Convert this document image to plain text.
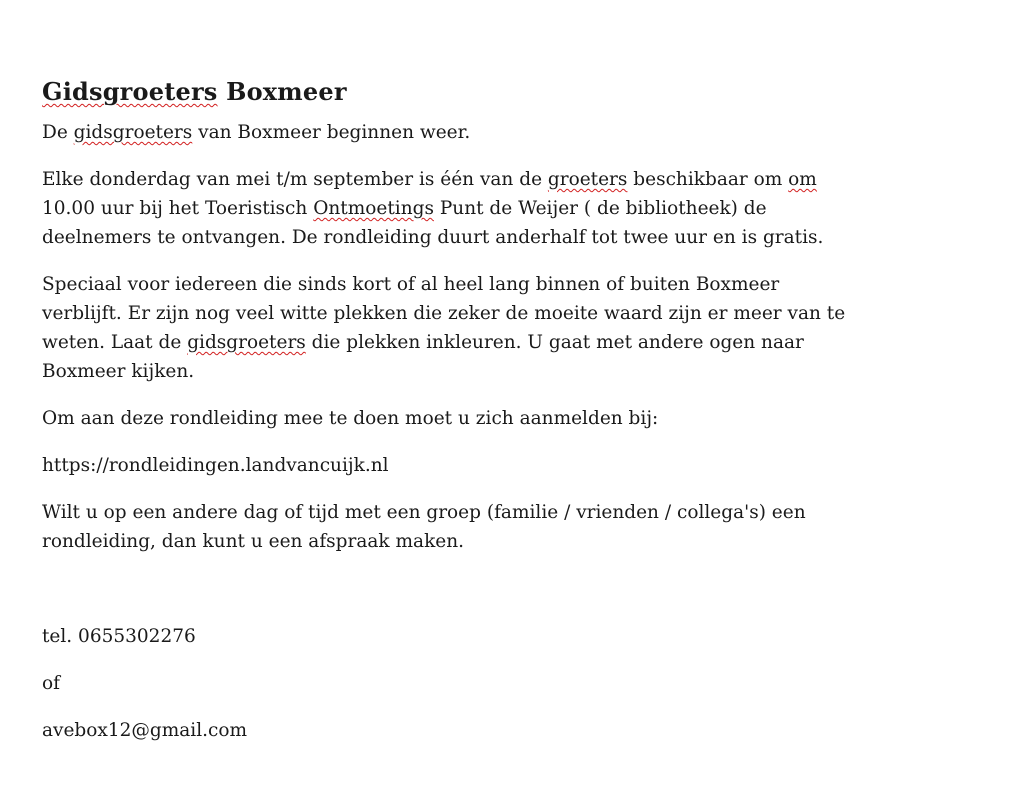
Gidsgroeters Boxmeer

De gidsgroeters van Boxmeer beginnen weer.

Elke donderdag van mei t/m september is één van de groeters beschikbaar om om
10.00 uur bij het Toeristisch Ontmoetings Punt de Weijer ( de bibliotheek) de
deelnemers te ontvangen. De rondleiding duurt anderhalf tot twee uur en is gratis.

Speciaal voor iedereen die sinds kort of al heel lang binnen of buiten Boxmeer
verblijft. Er zijn nog veel witte plekken die zeker de moeite waard zijn er meer van te
weten. Laat de gidsgroeters die plekken inkleuren. U gaat met andere ogen naar
Boxmeer kijken.

Om aan deze rondleiding mee te doen moet u zich aanmelden bij:

https://rondleidingen.landvancuijk.nl

Wilt u op een andere dag of tijd met een groep (familie / vrienden / collega's) een
rondleiding, dan kunt u een afspraak maken.

tel. 0655302276

of

avebox12@gmail.com
